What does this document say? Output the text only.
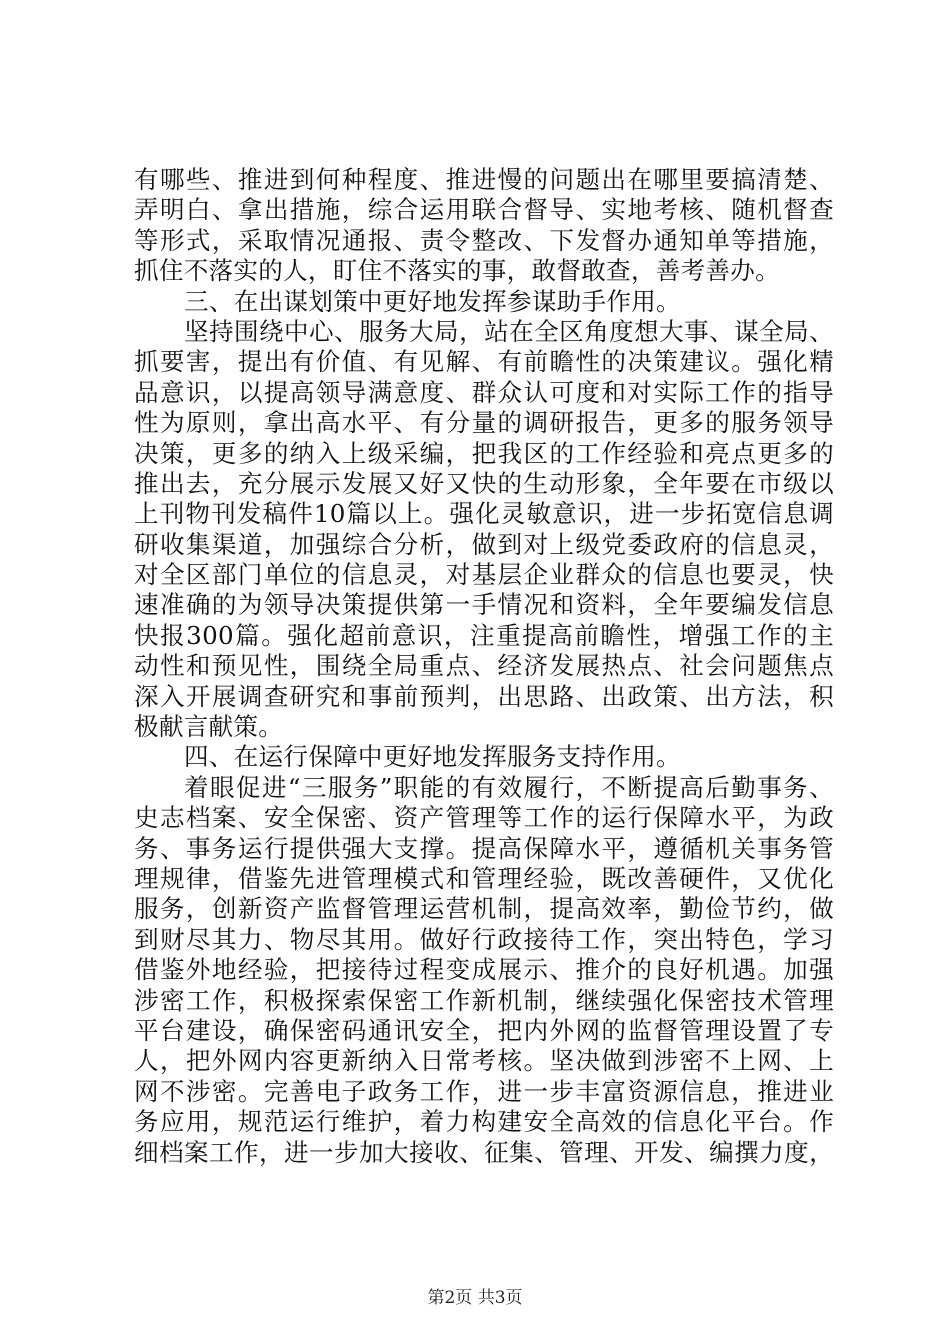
有哪些、推进到何种程度、推进慢的问题出在哪里要搞清楚、
弄明白、拿出措施，综合运用联合督导、实地考核、随机督查
等形式，采取情况通报、责令整改、下发督办通知单等措施，
抓住不落实的人，盯住不落实的事，敢督敢查，善考善办。
三、在出谋划策中更好地发挥参谋助手作用。
坚持围绕中心、服务大局，站在全区角度想大事、谋全局、
抓要害，提出有价值、有见解、有前瞻性的决策建议。强化精
品意识，以提高领导满意度、群众认可度和对实际工作的指导
性为原则，拿出高水平、有分量的调研报告，更多的服务领导
决策，更多的纳入上级采编，把我区的工作经验和亮点更多的
推出去，充分展示发展又好又快的生动形象，全年要在市级以
上刊物刊发稿件10篇以上。强化灵敏意识，进一步拓宽信息调
研收集渠道，加强综合分析，做到对上级党委政府的信息灵，
对全区部门单位的信息灵，对基层企业群众的信息也要灵，快
速准确的为领导决策提供第一手情况和资料，全年要编发信息
快报300篇。强化超前意识，注重提高前瞻性，增强工作的主
动性和预见性，围绕全局重点、经济发展热点、社会问题焦点
深入开展调查研究和事前预判，出思路、出政策、出方法，积
极献言献策。
四、在运行保障中更好地发挥服务支持作用。
着眼促进“三服务”职能的有效履行，不断提高后勤事务、
史志档案、安全保密、资产管理等工作的运行保障水平，为政
务、事务运行提供强大支撑。提高保障水平，遵循机关事务管
理规律，借鉴先进管理模式和管理经验，既改善硬件，又优化
服务，创新资产监督管理运营机制，提高效率，勤俭节约，做
到财尽其力、物尽其用。做好行政接待工作，突出特色，学习
借鉴外地经验，把接待过程变成展示、推介的良好机遇。加强
涉密工作，积极探索保密工作新机制，继续强化保密技术管理
平台建设，确保密码通讯安全，把内外网的监督管理设置了专
人，把外网内容更新纳入日常考核。坚决做到涉密不上网、上
网不涉密。完善电子政务工作，进一步丰富资源信息，推进业
务应用，规范运行维护，着力构建安全高效的信息化平台。作
细档案工作，进一步加大接收、征集、管理、开发、编撰力度，
第2页 共3页
